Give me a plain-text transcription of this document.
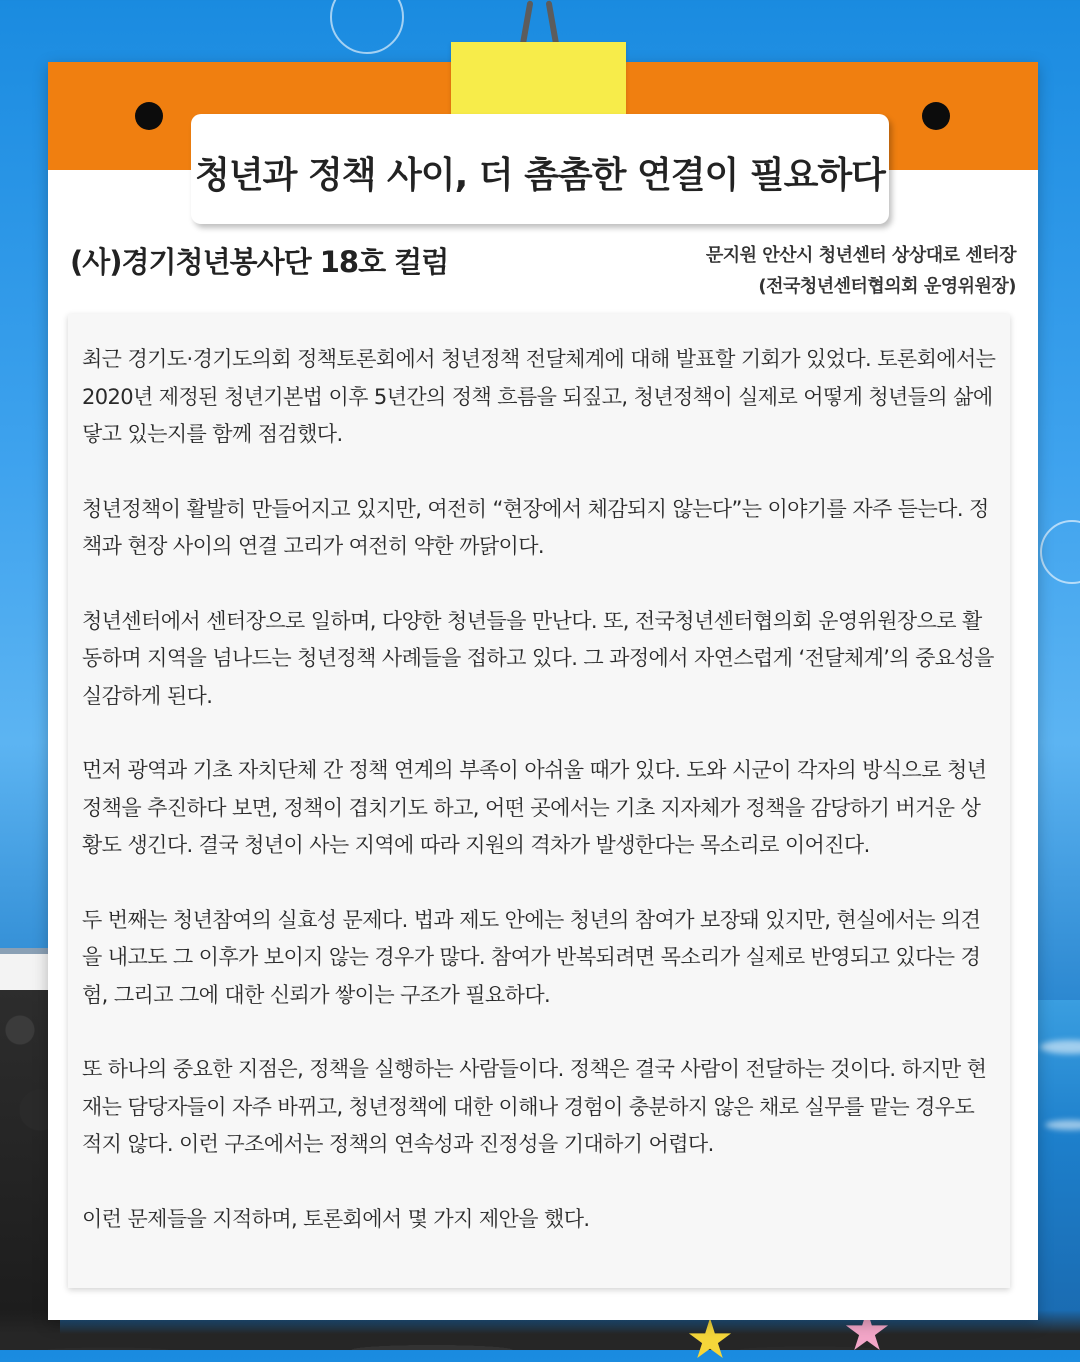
청년과 정책 사이, 더 촘촘한 연결이 필요하다
(사)경기청년봉사단 18호 컬럼	문지원 안산시 청년센터 상상대로 센터장
(전국청년센터협의회 운영위원장)

최근 경기도·경기도의회 정책토론회에서 청년정책 전달체계에 대해 발표할 기회가 있었다. 토론회에서는 2020년 제정된 청년기본법 이후 5년간의 정책 흐름을 되짚고, 청년정책이 실제로 어떻게 청년들의 삶에 닿고 있는지를 함께 점검했다.

청년정책이 활발히 만들어지고 있지만, 여전히 “현장에서 체감되지 않는다”는 이야기를 자주 듣는다. 정책과 현장 사이의 연결 고리가 여전히 약한 까닭이다.

청년센터에서 센터장으로 일하며, 다양한 청년들을 만난다. 또, 전국청년센터협의회 운영위원장으로 활동하며 지역을 넘나드는 청년정책 사례들을 접하고 있다. 그 과정에서 자연스럽게 ‘전달체계’의 중요성을 실감하게 된다.

먼저 광역과 기초 자치단체 간 정책 연계의 부족이 아쉬울 때가 있다. 도와 시군이 각자의 방식으로 청년정책을 추진하다 보면, 정책이 겹치기도 하고, 어떤 곳에서는 기초 지자체가 정책을 감당하기 버거운 상황도 생긴다. 결국 청년이 사는 지역에 따라 지원의 격차가 발생한다는 목소리로 이어진다.

두 번째는 청년참여의 실효성 문제다. 법과 제도 안에는 청년의 참여가 보장돼 있지만, 현실에서는 의견을 내고도 그 이후가 보이지 않는 경우가 많다. 참여가 반복되려면 목소리가 실제로 반영되고 있다는 경험, 그리고 그에 대한 신뢰가 쌓이는 구조가 필요하다.

또 하나의 중요한 지점은, 정책을 실행하는 사람들이다. 정책은 결국 사람이 전달하는 것이다. 하지만 현재는 담당자들이 자주 바뀌고, 청년정책에 대한 이해나 경험이 충분하지 않은 채로 실무를 맡는 경우도 적지 않다. 이런 구조에서는 정책의 연속성과 진정성을 기대하기 어렵다.

이런 문제들을 지적하며, 토론회에서 몇 가지 제안을 했다.
